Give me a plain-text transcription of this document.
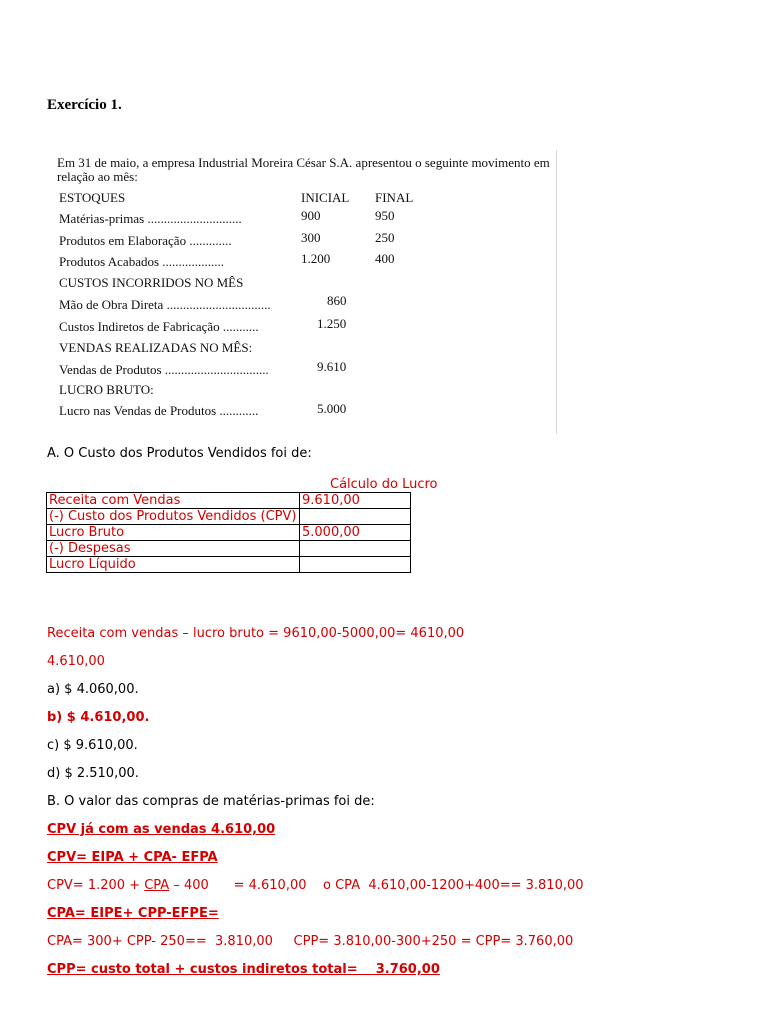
Exercício 1.
Em 31 de maio, a empresa Industrial Moreira César S.A. apresentou o seguinte movimento em
relação ao mês:
ESTOQUES	INICIAL FINAL
Matérias-primas .............................	900	950
Produtos em Elaboração .............	300	250
Produtos Acabados ...................	1.200	400
CUSTOS INCORRIDOS NO MÊS
Mão de Obra Direta ................................	860
Custos Indiretos de Fabricação ...........	1.250
VENDAS REALIZADAS NO MÊS:
Vendas de Produtos ................................	9.610
LUCRO BRUTO:
Lucro nas Vendas de Produtos ............	5.000
A. O Custo dos Produtos Vendidos foi de:
Cálculo do Lucro
Receita com Vendas	9.610,00
(-) Custo dos Produtos Vendidos (CPV)	
Lucro Bruto	5.000,00
(-) Despesas	
Lucro Líquido	
Receita com vendas – lucro bruto = 9610,00-5000,00= 4610,00
4.610,00
a) $ 4.060,00.
b) $ 4.610,00.
c) $ 9.610,00.
d) $ 2.510,00.
B. O valor das compras de matérias-primas foi de:
CPV já com as vendas 4.610,00
CPV= EIPA + CPA- EFPA
CPV= 1.200 + CPA – 400      = 4.610,00    o CPA  4.610,00-1200+400== 3.810,00
CPA= EIPE+ CPP-EFPE=
CPA= 300+ CPP- 250==  3.810,00     CPP= 3.810,00-300+250 = CPP= 3.760,00
CPP= custo total + custos indiretos total=    3.760,00
